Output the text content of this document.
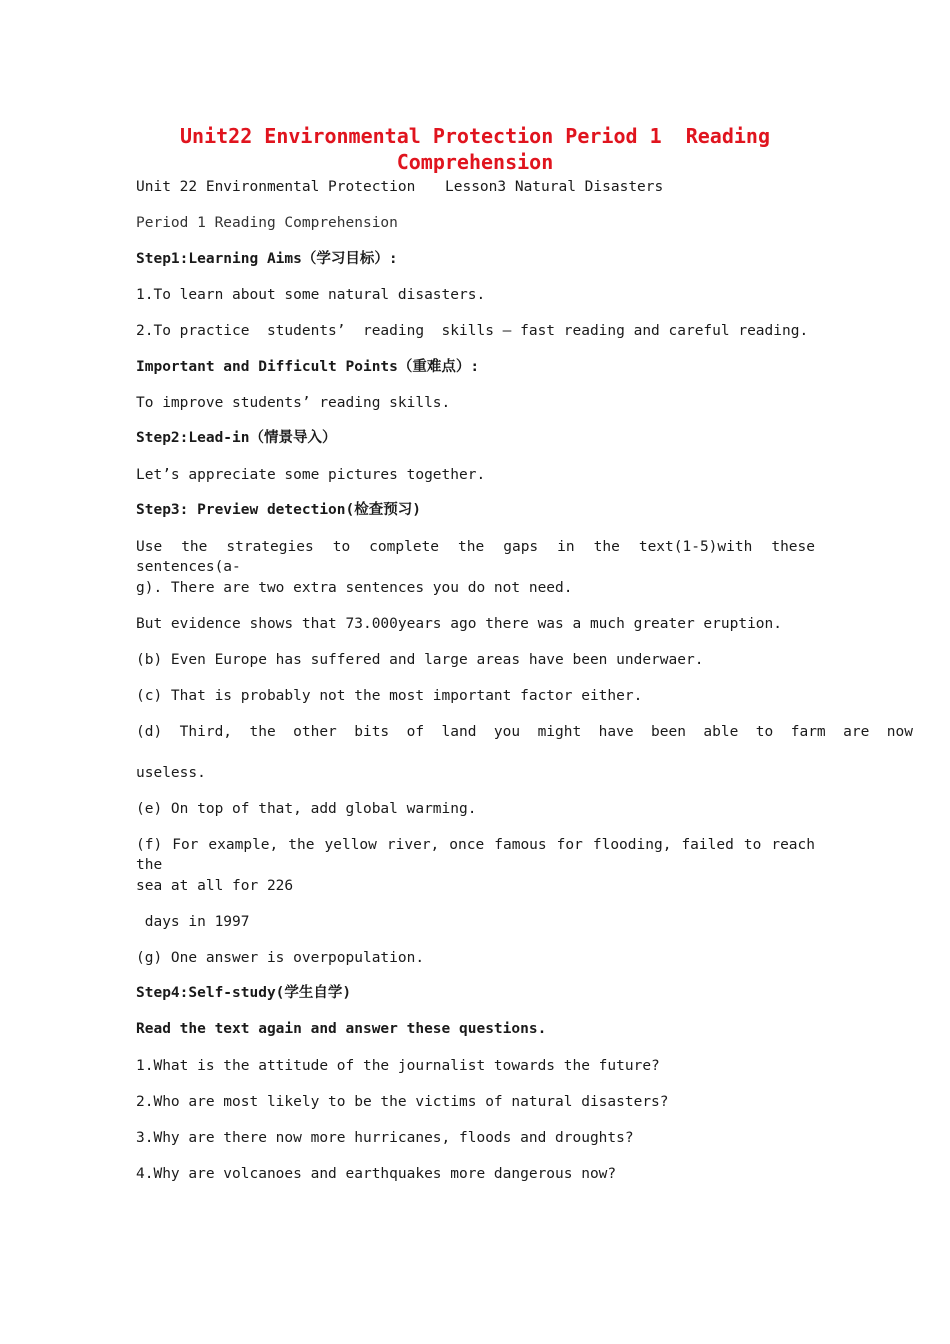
Unit22 Environmental Protection Period 1  Reading
Comprehension
Unit 22 Environmental Protection Lesson3 Natural Disasters
Period 1 Reading Comprehension
Step1:Learning Aims（学习目标）:
1.To learn about some natural disasters.
2.To practice  students’  reading  skills — fast reading and careful reading.
Important and Difficult Points（重难点）:
To improve students’ reading skills.
Step2:Lead-in（情景导入）
Let’s appreciate some pictures together.
Step3: Preview detection(检查预习)
Use the strategies to complete the gaps in the text(1-5)with these sentences(a-
g). There are two extra sentences you do not need.
But evidence shows that 73.000years ago there was a much greater eruption.
(b) Even Europe has suffered and large areas have been underwaer.
(c) That is probably not the most important factor either.
(d)  Third,  the  other  bits  of  land  you  might  have  been  able  to  farm  are  now
useless.
(e) On top of that, add global warming.
(f) For example, the yellow river, once famous for flooding, failed to reach the
sea at all for 226
days in 1997
(g) One answer is overpopulation.
Step4:Self-study(学生自学)
Read the text again and answer these questions.
1.What is the attitude of the journalist towards the future?
2.Who are most likely to be the victims of natural disasters?
3.Why are there now more hurricanes, floods and droughts?
4.Why are volcanoes and earthquakes more dangerous now?
